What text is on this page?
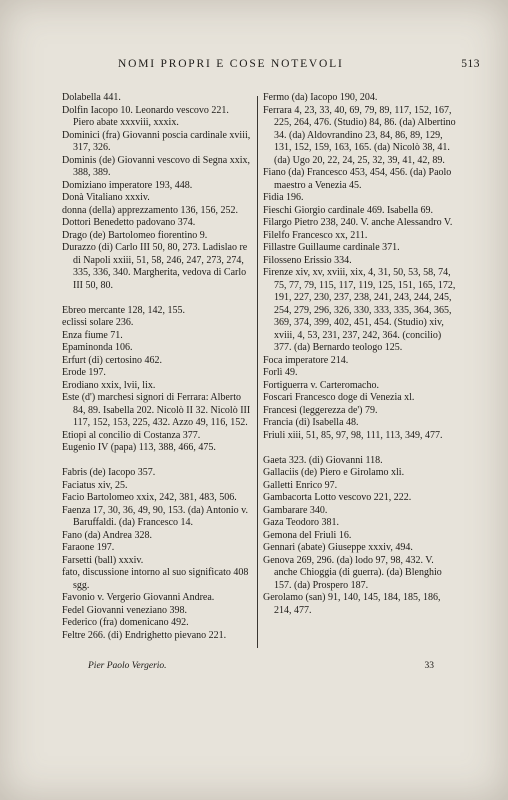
NOMI PROPRI E COSE NOTEVOLI	513
Dolabella 441.
Dolfin Iacopo 10. Leonardo vescovo 221. Piero abate xxxviii, xxxix.
Dominici (fra) Giovanni poscia cardinale xviii, 317, 326.
Dominis (de) Giovanni vescovo di Segna xxix, 388, 389.
Domiziano imperatore 193, 448.
Donà Vitaliano xxxiv.
donna (della) apprezzamento 136, 156, 252.
Dottori Benedetto padovano 374.
Drago (de) Bartolomeo fiorentino 9.
Durazzo (di) Carlo III 50, 80, 273. Ladislao re di Napoli xxiii, 51, 58, 246, 247, 273, 274, 335, 336, 340. Margherita, vedova di Carlo III 50, 80.
Ebreo mercante 128, 142, 155.
eclissi solare 236.
Enza fiume 71.
Epaminonda 106.
Erfurt (di) certosino 462.
Erode 197.
Erodiano xxix, lvii, lix.
Este (d') marchesi signori di Ferrara: Alberto 84, 89. Isabella 202. Nicolò II 32. Nicolò III 117, 152, 153, 225, 432. Azzo 49, 116, 152.
Etiopi al concilio di Costanza 377.
Eugenio IV (papa) 113, 388, 466, 475.
Fabris (de) Iacopo 357.
Faciatus xiv, 25.
Facio Bartolomeo xxix, 242, 381, 483, 506.
Faenza 17, 30, 36, 49, 90, 153. (da) Antonio v. Baruffaldi. (da) Francesco 14.
Fano (da) Andrea 328.
Faraone 197.
Farsetti (ball) xxxiv.
fato, discussione intorno al suo significato 408 sgg.
Favonio v. Vergerio Giovanni Andrea.
Fedel Giovanni veneziano 398.
Federico (fra) domenicano 492.
Feltre 266. (di) Endrighetto pievano 221.
Fermo (da) Iacopo 190, 204.
Ferrara 4, 23, 33, 40, 69, 79, 89, 117, 152, 167, 225, 264, 476. (Studio) 84, 86. (da) Albertino 34. (da) Aldovrandino 23, 84, 86, 89, 129, 131, 152, 159, 163, 165. (da) Nicolò 38, 41. (da) Ugo 20, 22, 24, 25, 32, 39, 41, 42, 89.
Fiano (da) Francesco 453, 454, 456. (da) Paolo maestro a Venezia 45.
Fidia 196.
Fieschi Giorgio cardinale 469. Isabella 69.
Filargo Pietro 238, 240. V. anche Alessandro V.
Filelfo Francesco xx, 211.
Fillastre Guillaume cardinale 371.
Filosseno Erissio 334.
Firenze xiv, xv, xviii, xix, 4, 31, 50, 53, 58, 74, 75, 77, 79, 115, 117, 119, 125, 151, 165, 172, 191, 227, 230, 237, 238, 241, 243, 244, 245, 254, 279, 296, 326, 330, 333, 335, 364, 365, 369, 374, 399, 402, 451, 454. (Studio) xiv, xviii, 4, 53, 231, 237, 242, 364. (concilio) 377. (da) Bernardo teologo 125.
Foca imperatore 214.
Forlì 49.
Fortiguerra v. Carteromacho.
Foscari Francesco doge di Venezia xl.
Francesi (leggerezza de') 79.
Francia (di) Isabella 48.
Friuli xiii, 51, 85, 97, 98, 111, 113, 349, 477.
Gaeta 323. (di) Giovanni 118.
Gallaciis (de) Piero e Girolamo xli.
Galletti Enrico 97.
Gambacorta Lotto vescovo 221, 222.
Gambarare 340.
Gaza Teodoro 381.
Gemona del Friuli 16.
Gennari (abate) Giuseppe xxxiv, 494.
Genova 269, 296. (da) lodo 97, 98, 432. V. anche Chioggia (di guerra). (da) Blenghio 157. (da) Prospero 187.
Gerolamo (san) 91, 140, 145, 184, 185, 186, 214, 477.
Pier Paolo Vergerio.	33
